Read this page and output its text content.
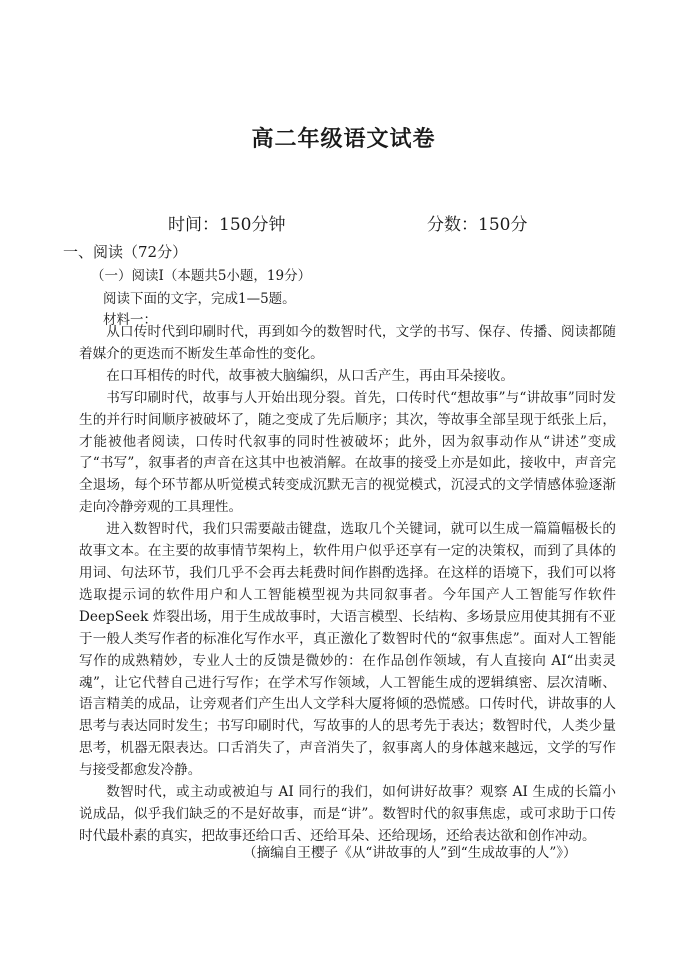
高二年级语文试卷
时间：150分钟	分数：150分
一、阅读（72分）
（一）阅读Ⅰ（本题共5小题，19分）
阅读下面的文字，完成1—5题。
材料一：

从口传时代到印刷时代，再到如今的数智时代，文学的书写、保存、传播、阅读都随着媒介的更迭而不断发生革命性的变化。

在口耳相传的时代，故事被大脑编织，从口舌产生，再由耳朵接收。

书写印刷时代，故事与人开始出现分裂。首先，口传时代“想故事”与“讲故事”同时发生的并行时间顺序被破坏了，随之变成了先后顺序；其次，等故事全部呈现于纸张上后，才能被他者阅读，口传时代叙事的同时性被破坏；此外，因为叙事动作从“讲述”变成了“书写”，叙事者的声音在这其中也被消解。在故事的接受上亦是如此，接收中，声音完全退场，每个环节都从听觉模式转变成沉默无言的视觉模式，沉浸式的文学情感体验逐渐走向冷静旁观的工具理性。

进入数智时代，我们只需要敲击键盘，选取几个关键词，就可以生成一篇篇幅极长的故事文本。在主要的故事情节架构上，软件用户似乎还享有一定的决策权，而到了具体的用词、句法环节，我们几乎不会再去耗费时间作斟酌选择。在这样的语境下，我们可以将选取提示词的软件用户和人工智能模型视为共同叙事者。今年国产人工智能写作软件 DeepSeek 炸裂出场，用于生成故事时，大语言模型、长结构、多场景应用使其拥有不亚于一般人类写作者的标准化写作水平，真正激化了数智时代的“叙事焦虑”。面对人工智能写作的成熟精妙，专业人士的反馈是微妙的：在作品创作领域，有人直接向 AI“出卖灵魂”，让它代替自己进行写作；在学术写作领域，人工智能生成的逻辑缜密、层次清晰、语言精美的成品，让旁观者们产生出人文学科大厦将倾的恐慌感。口传时代，讲故事的人思考与表达同时发生；书写印刷时代，写故事的人的思考先于表达；数智时代，人类少量思考，机器无限表达。口舌消失了，声音消失了，叙事离人的身体越来越远，文学的写作与接受都愈发冷静。

数智时代，或主动或被迫与 AI 同行的我们，如何讲好故事？观察 AI 生成的长篇小说成品，似乎我们缺乏的不是好故事，而是“讲”。数智时代的叙事焦虑，或可求助于口传时代最朴素的真实，把故事还给口舌、还给耳朵、还给现场，还给表达欲和创作冲动。

（摘编自王樱子《从“讲故事的人”到“生成故事的人”》）
